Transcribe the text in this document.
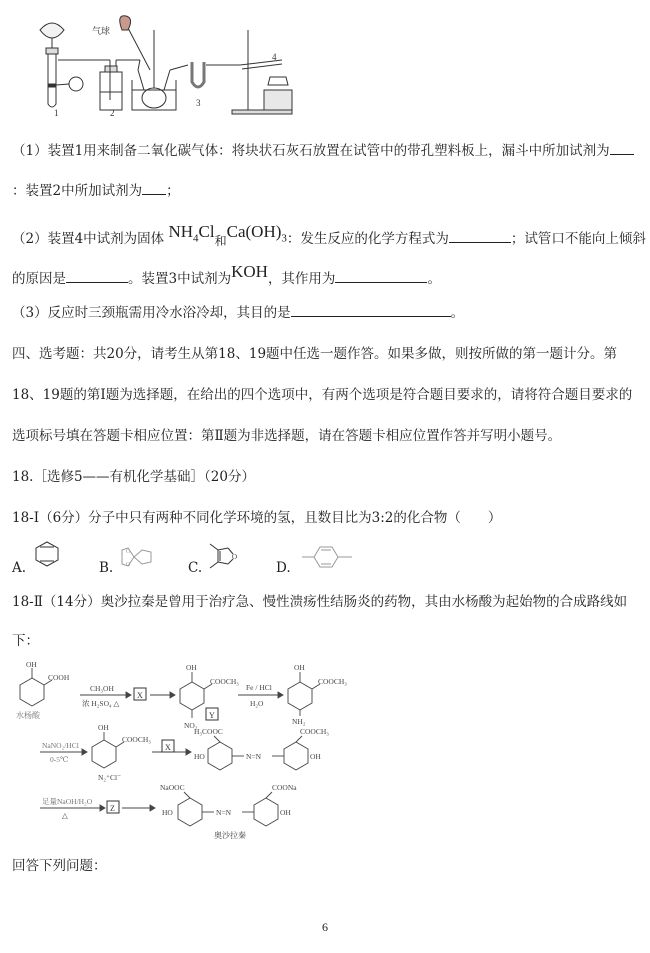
气球
1	2
3
4
（1）装置1用来制备二氧化碳气体：将块状石灰石放置在试管中的带孔塑料板上，漏斗中所加试剂为
：装置2中所加试剂为 ；
（2）装置4中试剂为固体 $NH_4Cl$和$Ca(OH)_3$：发生反应的化学方程式为	；试管口不能向上倾斜
的原因是	。装置3中试剂为KOH，其作用为	。
（3）反应时三颈瓶需用冷水浴冷却，其目的是	。
四、选考题：共20分，请考生从第18、19题中任选一题作答。如果多做，则按所做的第一题计分。第
18、19题的第Ⅰ题为选择题，在给出的四个选项中，有两个选项是符合题目要求的，请将符合题目要求的
选项标号填在答题卡相应位置：第Ⅱ题为非选择题，请在答题卡相应位置作答并写明小题号。
18.［选修5——有机化学基础］（20分）
18-Ⅰ（6分）分子中只有两种不同化学环境的氢，且数目比为3:2的化合物（　　）
A.	B.
O
O	C.
O
D.
18-Ⅱ（14分）奥沙拉秦是曾用于治疗急、慢性溃疡性结肠炎的药物，其由水杨酸为起始物的合成路线如
下：
OH
COOH
水杨酸
CH₃OH
浓 H₂SO₄ △
OH
COOCH₃
NO₂
Fe / HCl
H₂O
OH
COOCH₃
NH₂
NaNO₂/HCl
0-5℃
OH
COOCH₃
N₂⁺Cl⁻
H₃COOC	COOCH₃
HO	OH
N=N
足量NaOH/H₂O
△
NaOOC	COONa
HO	OH
N=N
奥沙拉秦
X
Y
X
Z
回答下列问题：
6
